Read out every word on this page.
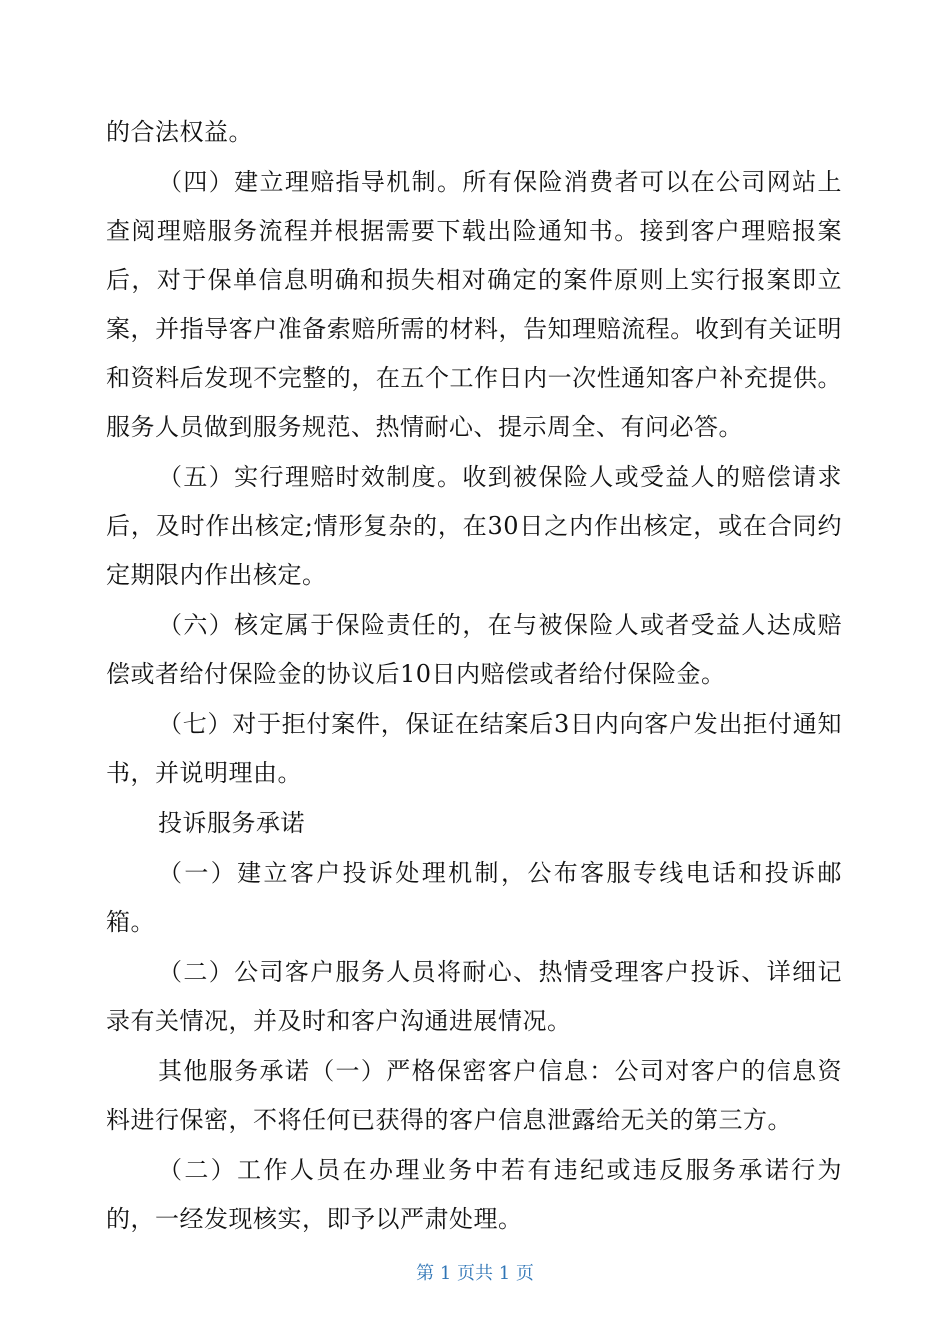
的合法权益。

（四）建立理赔指导机制。所有保险消费者可以在公司网站上查阅理赔服务流程并根据需要下载出险通知书。接到客户理赔报案后，对于保单信息明确和损失相对确定的案件原则上实行报案即立案，并指导客户准备索赔所需的材料，告知理赔流程。收到有关证明和资料后发现不完整的，在五个工作日内一次性通知客户补充提供。服务人员做到服务规范、热情耐心、提示周全、有问必答。

（五）实行理赔时效制度。收到被保险人或受益人的赔偿请求后，及时作出核定;情形复杂的，在30日之内作出核定，或在合同约定期限内作出核定。

（六）核定属于保险责任的，在与被保险人或者受益人达成赔偿或者给付保险金的协议后10日内赔偿或者给付保险金。

（七）对于拒付案件，保证在结案后3日内向客户发出拒付通知书，并说明理由。

投诉服务承诺

（一）建立客户投诉处理机制，公布客服专线电话和投诉邮箱。

（二）公司客户服务人员将耐心、热情受理客户投诉、详细记录有关情况，并及时和客户沟通进展情况。

其他服务承诺（一）严格保密客户信息：公司对客户的信息资料进行保密，不将任何已获得的客户信息泄露给无关的第三方。

（二）工作人员在办理业务中若有违纪或违反服务承诺行为的，一经发现核实，即予以严肃处理。

第 1 页共 1 页
